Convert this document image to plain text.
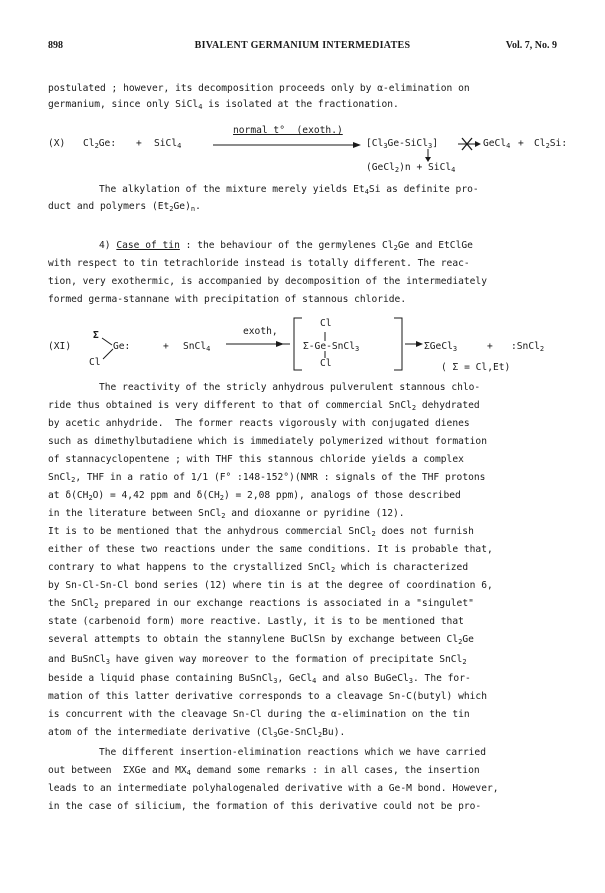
898	BIVALENT GERMANIUM INTERMEDIATES	Vol. 7, No. 9
postulated ; however, its decomposition proceeds only by α-elimination on
germanium, since only SiCl$_4$ is isolated at the fractionation.
(X) $Cl_2Ge$: + SiCl$_4$
normal t°  (exoth.)
$[Cl_3Ge-SiCl_3]$	GeCl$_4$ + $Cl_2Si$:
(GeCl$_2$)n + SiCl$_4$
The alkylation of the mixture merely yields $Et_4Si$ as definite pro-
duct and polymers $(Et_2Ge)_n$.
4) Case of tin : the behaviour of the germylenes $Cl_2Ge$ and EtClGe
with respect to tin tetrachloride instead is totally different. The reac-
tion, very exothermic, is accompanied by decomposition of the intermediately
formed germa-stannane with precipitation of stannous chloride.
(XI)
Σ
Ge:
Cl
+ SnCl$_4$
exoth,
Cl
Σ-Ge-SnCl$_3$
Cl
→ ΣGeCl$_3$	+ :SnCl$_2$
( Σ = Cl,Et)
The reactivity of the stricly anhydrous pulverulent stannous chlo-
ride thus obtained is very different to that of commercial SnCl$_2$ dehydrated
by acetic anhydride.  The former reacts vigorously with conjugated dienes
such as dimethylbutadiene which is immediately polymerized without formation
of stannacyclopentene ; with THF this stannous chloride yields a complex
SnCl$_2$, THF in a ratio of 1/1 (F° :148-152°)(NMR : signals of the THF protons
at $\delta(CH_2O) = 4,42$ ppm and $\delta(CH_2) = 2,08$ ppm), analogs of those described
in the literature between SnCl$_2$ and dioxanne or pyridine (12).
It is to be mentioned that the anhydrous commercial SnCl$_2$ does not furnish
either of these two reactions under the same conditions. It is probable that,
contrary to what happens to the crystallized SnCl$_2$ which is characterized
by Sn-Cl-Sn-Cl bond series (12) where tin is at the degree of coordination 6,
the SnCl$_2$ prepared in our exchange reactions is associated in a "singulet"
state (carbenoid form) more reactive. Lastly, it is to be mentioned that
several attempts to obtain the stannylene BuClSn by exchange between $Cl_2Ge$
and BuSnCl$_3$ have given way moreover to the formation of precipitate SnCl$_2$
beside a liquid phase containing BuSnCl$_3$, GeCl$_4$ and also BuGeCl$_3$. The for-
mation of this latter derivative corresponds to a cleavage Sn-C(butyl) which
is concurrent with the cleavage Sn-Cl during the α-elimination on the tin
atom of the intermediate derivative $(Cl_3Ge-SnCl_2Bu)$.
The different insertion-elimination reactions which we have carried
out between  ΣXGe and $MX_4$ demand some remarks : in all cases, the insertion
leads to an intermediate polyhalogenaled derivative with a Ge-M bond. However,
in the case of silicium, the formation of this derivative could not be pro-
